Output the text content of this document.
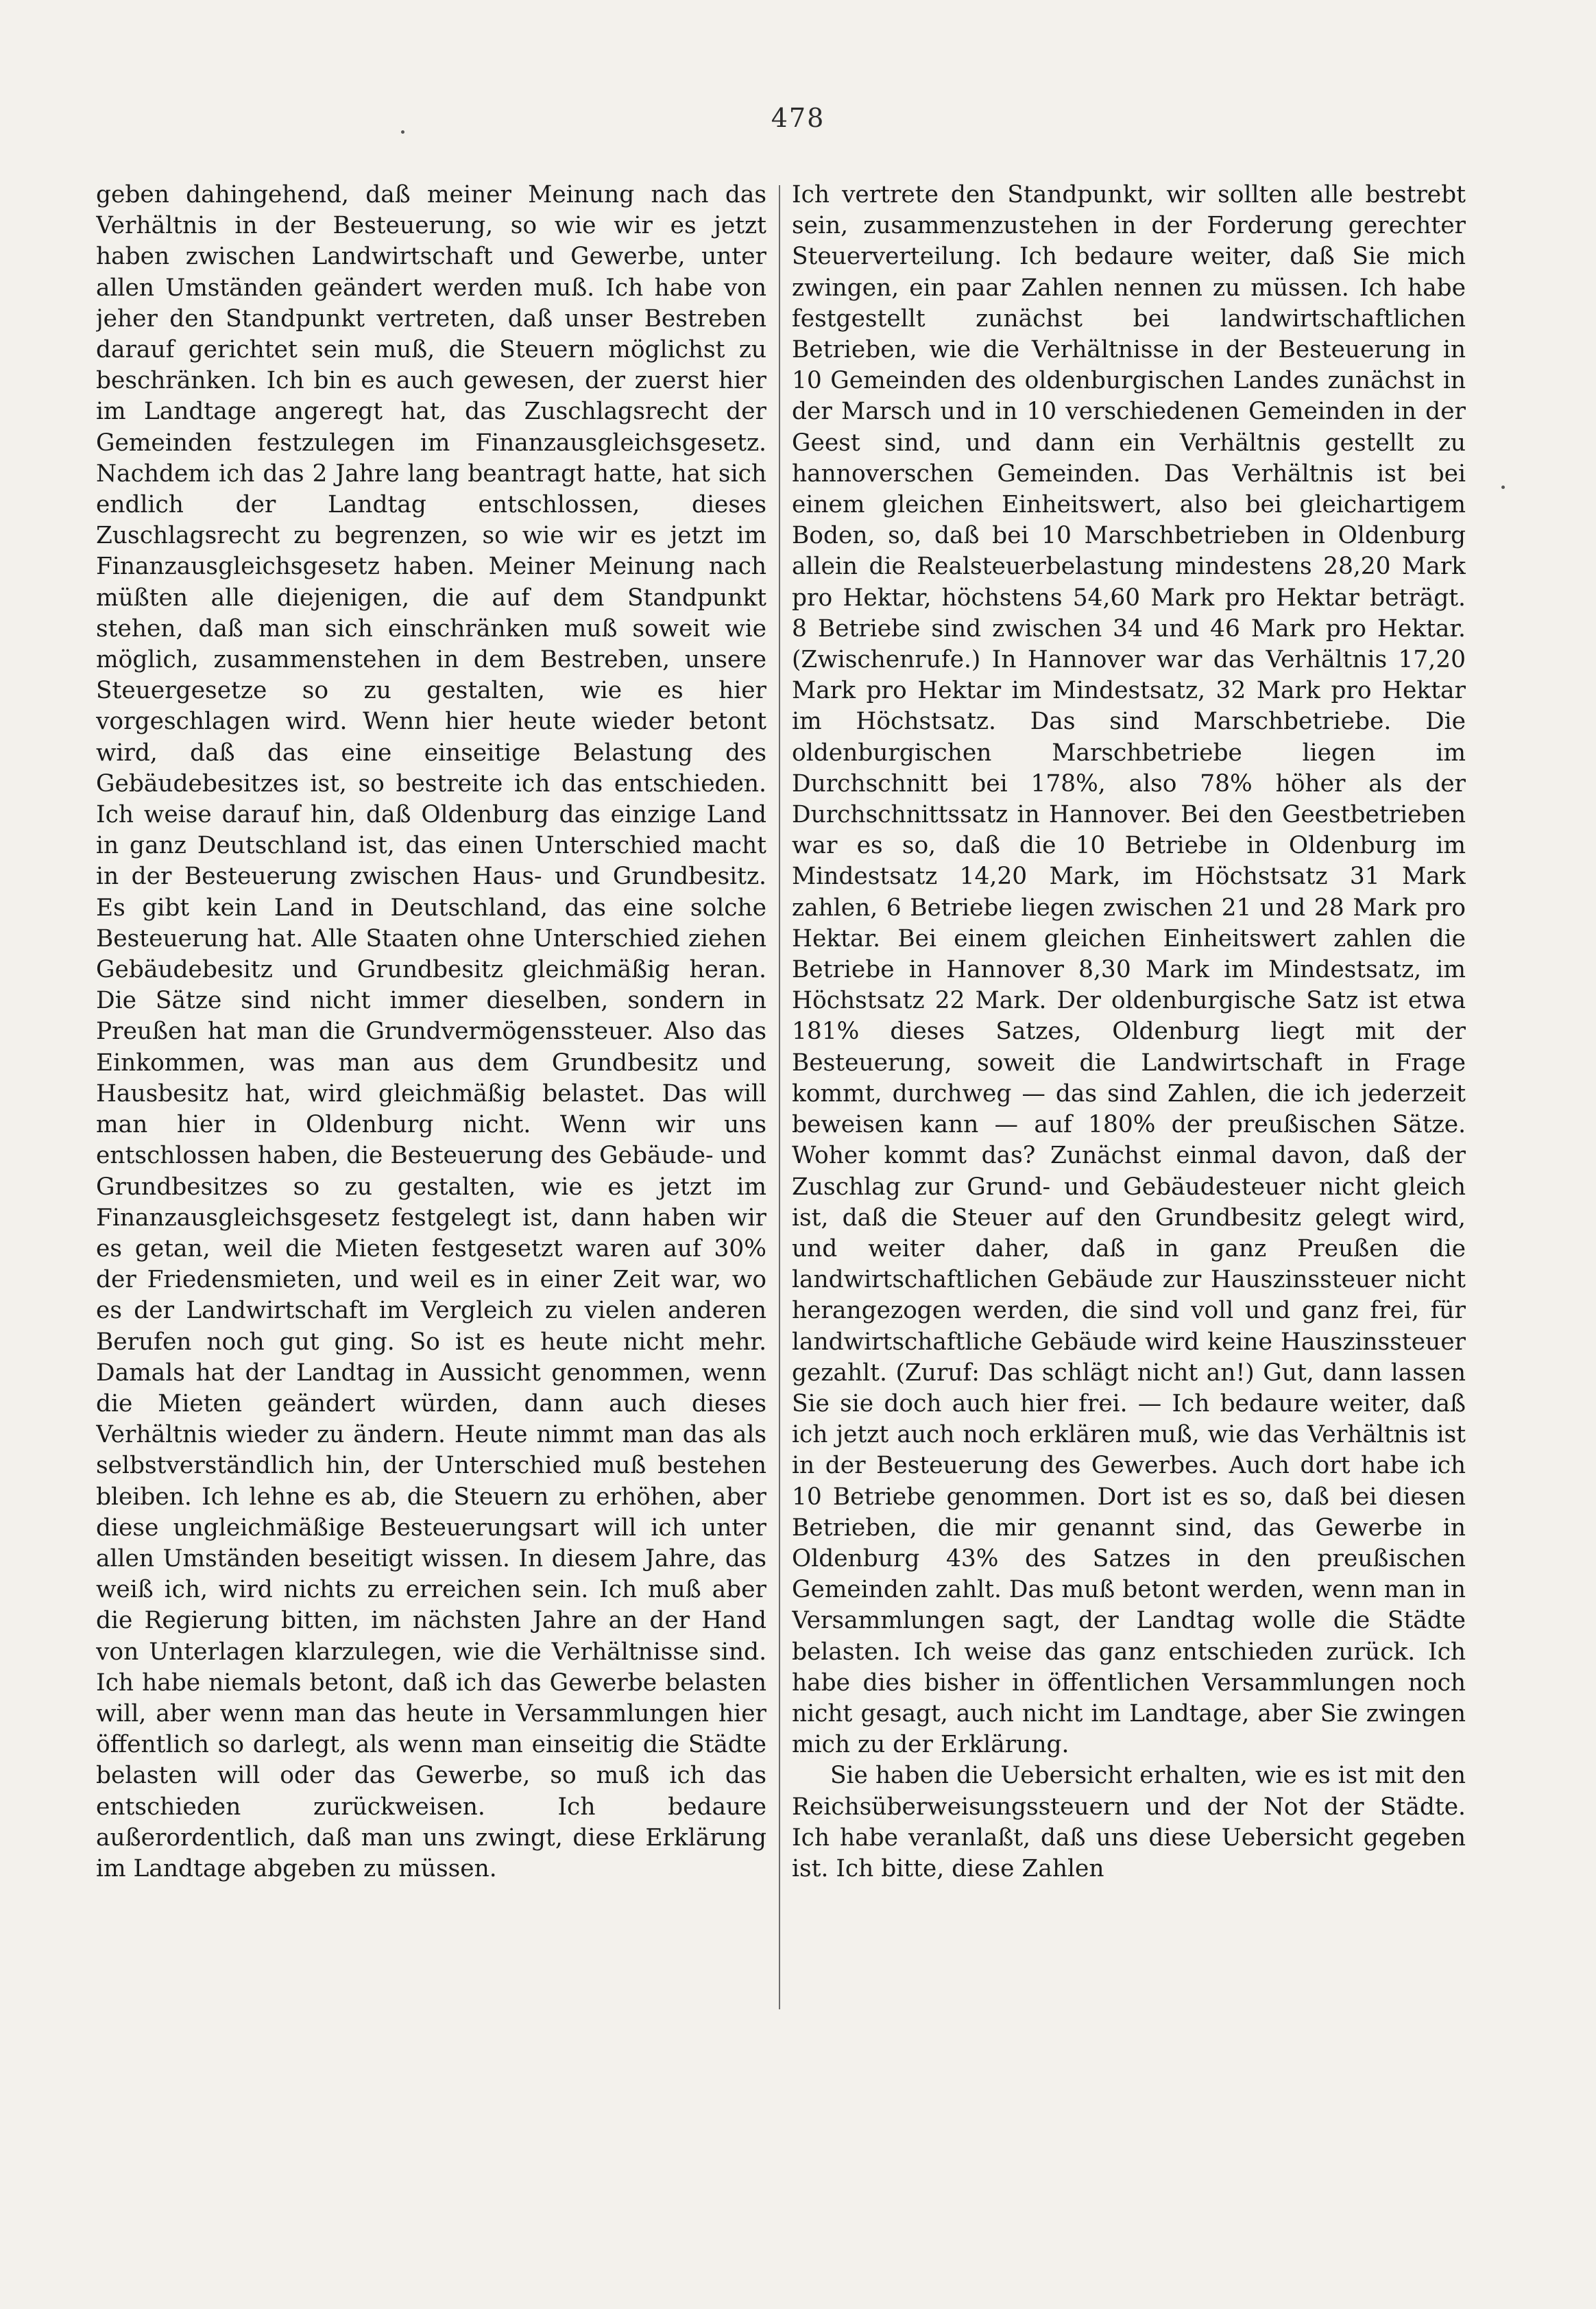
478

geben dahingehend, daß meiner Meinung nach das Verhältnis in der Besteuerung, so wie wir es jetzt haben zwischen Landwirtschaft und Gewerbe, unter allen Umständen geändert werden muß. Ich habe von jeher den Standpunkt vertreten, daß unser Bestreben darauf gerichtet sein muß, die Steuern möglichst zu beschränken. Ich bin es auch gewesen, der zuerst hier im Landtage angeregt hat, das Zuschlagsrecht der Gemeinden festzulegen im Finanzausgleichsgesetz. Nachdem ich das 2 Jahre lang beantragt hatte, hat sich endlich der Landtag entschlossen, dieses Zuschlagsrecht zu begrenzen, so wie wir es jetzt im Finanzausgleichsgesetz haben. Meiner Meinung nach müßten alle diejenigen, die auf dem Standpunkt stehen, daß man sich einschränken muß soweit wie möglich, zusammenstehen in dem Bestreben, unsere Steuergesetze so zu gestalten, wie es hier vorgeschlagen wird. Wenn hier heute wieder betont wird, daß das eine einseitige Belastung des Gebäudebesitzes ist, so bestreite ich das entschieden. Ich weise darauf hin, daß Oldenburg das einzige Land in ganz Deutschland ist, das einen Unterschied macht in der Besteuerung zwischen Haus- und Grundbesitz. Es gibt kein Land in Deutschland, das eine solche Besteuerung hat. Alle Staaten ohne Unterschied ziehen Gebäudebesitz und Grundbesitz gleichmäßig heran. Die Sätze sind nicht immer dieselben, sondern in Preußen hat man die Grundvermögenssteuer. Also das Einkommen, was man aus dem Grundbesitz und Hausbesitz hat, wird gleichmäßig belastet. Das will man hier in Oldenburg nicht. Wenn wir uns entschlossen haben, die Besteuerung des Gebäude- und Grundbesitzes so zu gestalten, wie es jetzt im Finanzausgleichsgesetz festgelegt ist, dann haben wir es getan, weil die Mieten festgesetzt waren auf 30% der Friedensmieten, und weil es in einer Zeit war, wo es der Landwirtschaft im Vergleich zu vielen anderen Berufen noch gut ging. So ist es heute nicht mehr. Damals hat der Landtag in Aussicht genommen, wenn die Mieten geändert würden, dann auch dieses Verhältnis wieder zu ändern. Heute nimmt man das als selbstverständlich hin, der Unterschied muß bestehen bleiben. Ich lehne es ab, die Steuern zu erhöhen, aber diese ungleichmäßige Besteuerungsart will ich unter allen Umständen beseitigt wissen. In diesem Jahre, das weiß ich, wird nichts zu erreichen sein. Ich muß aber die Regierung bitten, im nächsten Jahre an der Hand von Unterlagen klarzulegen, wie die Verhältnisse sind. Ich habe niemals betont, daß ich das Gewerbe belasten will, aber wenn man das heute in Versammlungen hier öffentlich so darlegt, als wenn man einseitig die Städte belasten will oder das Gewerbe, so muß ich das entschieden zurückweisen. Ich bedaure außerordentlich, daß man uns zwingt, diese Erklärung im Landtage abgeben zu müssen.

Ich vertrete den Standpunkt, wir sollten alle bestrebt sein, zusammenzustehen in der Forderung gerechter Steuerverteilung. Ich bedaure weiter, daß Sie mich zwingen, ein paar Zahlen nennen zu müssen. Ich habe festgestellt zunächst bei landwirtschaftlichen Betrieben, wie die Verhältnisse in der Besteuerung in 10 Gemeinden des oldenburgischen Landes zunächst in der Marsch und in 10 verschiedenen Gemeinden in der Geest sind, und dann ein Verhältnis gestellt zu hannoverschen Gemeinden. Das Verhältnis ist bei einem gleichen Einheitswert, also bei gleichartigem Boden, so, daß bei 10 Marschbetrieben in Oldenburg allein die Realsteuerbelastung mindestens 28,20 Mark pro Hektar, höchstens 54,60 Mark pro Hektar beträgt. 8 Betriebe sind zwischen 34 und 46 Mark pro Hektar. (Zwischenrufe.) In Hannover war das Verhältnis 17,20 Mark pro Hektar im Mindestsatz, 32 Mark pro Hektar im Höchstsatz. Das sind Marschbetriebe. Die oldenburgischen Marschbetriebe liegen im Durchschnitt bei 178%, also 78% höher als der Durchschnittssatz in Hannover. Bei den Geestbetrieben war es so, daß die 10 Betriebe in Oldenburg im Mindestsatz 14,20 Mark, im Höchstsatz 31 Mark zahlen, 6 Betriebe liegen zwischen 21 und 28 Mark pro Hektar. Bei einem gleichen Einheitswert zahlen die Betriebe in Hannover 8,30 Mark im Mindestsatz, im Höchstsatz 22 Mark. Der oldenburgische Satz ist etwa 181% dieses Satzes, Oldenburg liegt mit der Besteuerung, soweit die Landwirtschaft in Frage kommt, durchweg — das sind Zahlen, die ich jederzeit beweisen kann — auf 180% der preußischen Sätze. Woher kommt das? Zunächst einmal davon, daß der Zuschlag zur Grund- und Gebäudesteuer nicht gleich ist, daß die Steuer auf den Grundbesitz gelegt wird, und weiter daher, daß in ganz Preußen die landwirtschaftlichen Gebäude zur Hauszinssteuer nicht herangezogen werden, die sind voll und ganz frei, für landwirtschaftliche Gebäude wird keine Hauszinssteuer gezahlt. (Zuruf: Das schlägt nicht an!) Gut, dann lassen Sie sie doch auch hier frei. — Ich bedaure weiter, daß ich jetzt auch noch erklären muß, wie das Verhältnis ist in der Besteuerung des Gewerbes. Auch dort habe ich 10 Betriebe genommen. Dort ist es so, daß bei diesen Betrieben, die mir genannt sind, das Gewerbe in Oldenburg 43% des Satzes in den preußischen Gemeinden zahlt. Das muß betont werden, wenn man in Versammlungen sagt, der Landtag wolle die Städte belasten. Ich weise das ganz entschieden zurück. Ich habe dies bisher in öffentlichen Versammlungen noch nicht gesagt, auch nicht im Landtage, aber Sie zwingen mich zu der Erklärung.

Sie haben die Uebersicht erhalten, wie es ist mit den Reichsüberweisungssteuern und der Not der Städte. Ich habe veranlaßt, daß uns diese Uebersicht gegeben ist. Ich bitte, diese Zahlen
